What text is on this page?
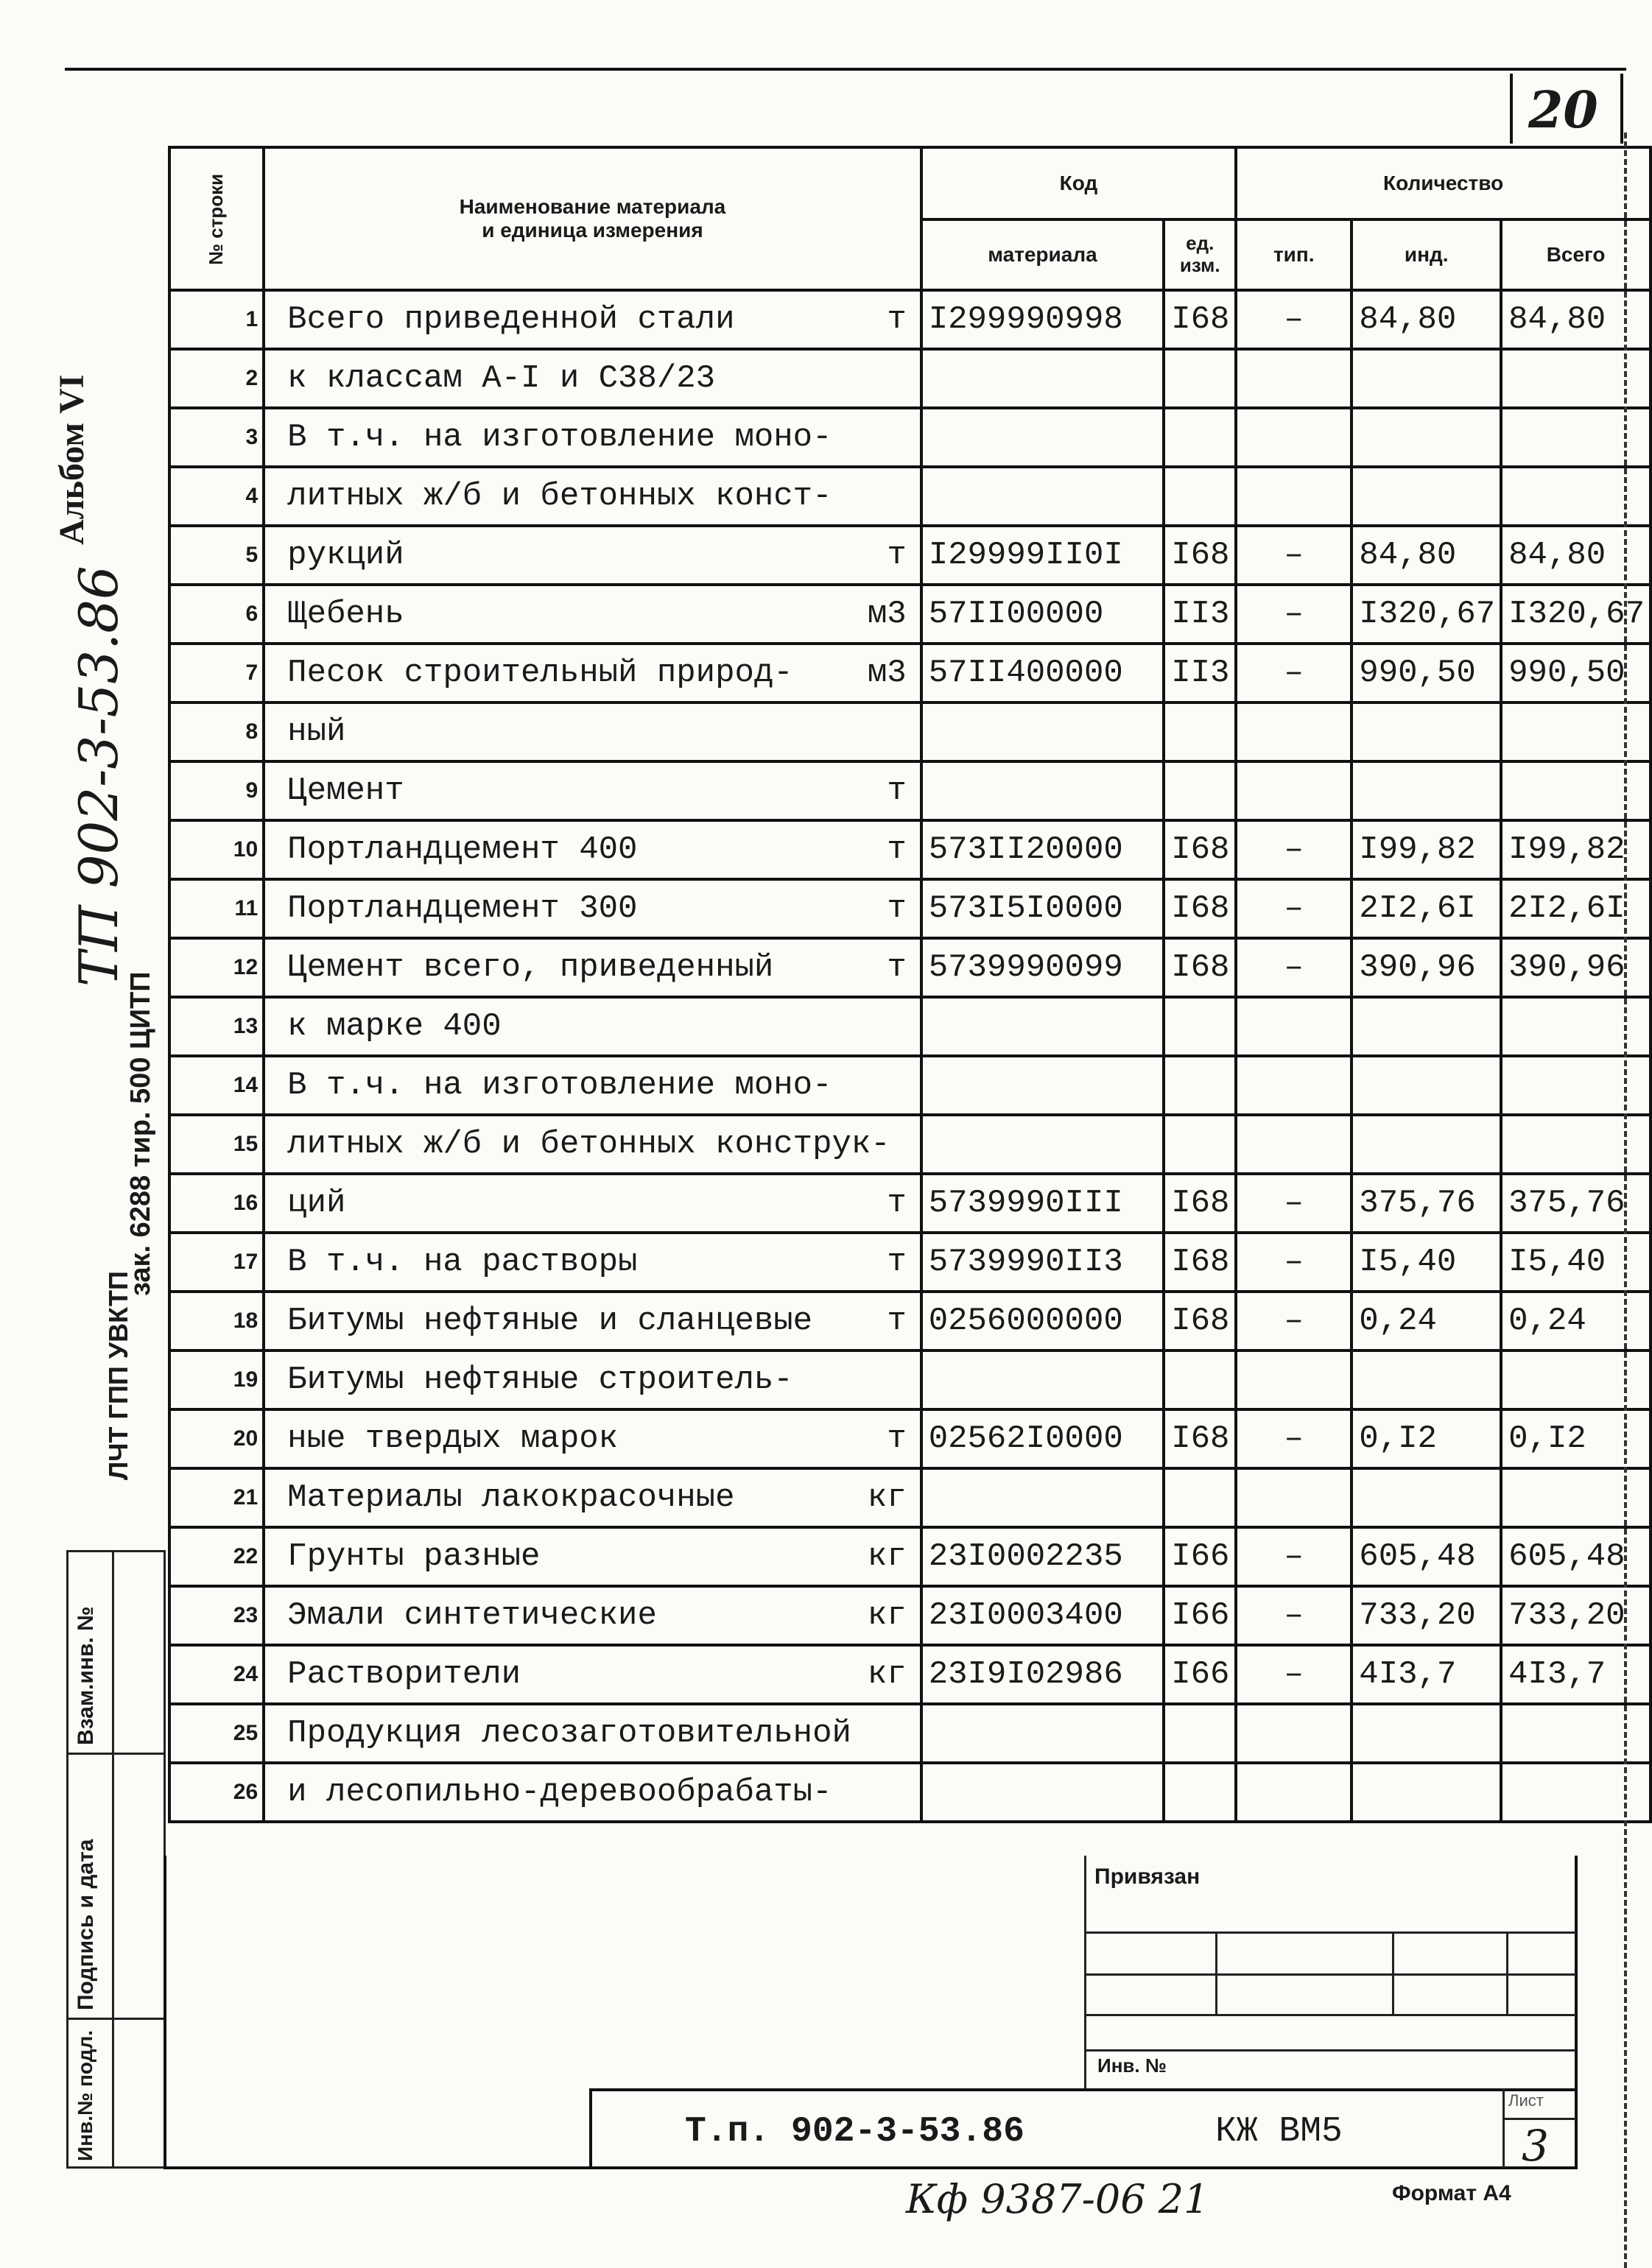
20
Альбом VI
ТП 902-3-53.86
зак. 6288 тир. 500 ЦИТП
ЛЧТ ГПП УВКТП
№ строки	Наименование материала
и единица измерения	Код		Количество		
		материала	ед. изм.	тип.	инд.	Всего
1	Всего приведенной стали т	I299990998	I68	–	84,80	84,80
2	к классам А-I и С38/23

3	В т.ч. на изготовление моно-

4	литных ж/б и бетонных конст-

5	рукций т	I29999II0I	I68	–	84,80	84,80
6	Щебень м3	57II00000	II3	–	I320,67	I320,67
7	Песок строительный природ- м3	57II400000	II3	–	990,50	990,50
8	ный

9	Цемент т					

10	Портландцемент 400 т	573II20000	I68	–	I99,82	I99,82
11	Портландцемент 300 т	573I5I0000	I68	–	2I2,6I	2I2,6I
12	Цемент всего, приведенный т	5739990099	I68	–	390,96	390,96
13	к марке 400

14	В т.ч. на изготовление моно-

15	литных ж/б и бетонных конструк-

16	ций т	5739990III	I68	–	375,76	375,76
17	В т.ч. на растворы т	5739990II3	I68	–	I5,40	I5,40
18	Битумы нефтяные и сланцевые т	0256000000	I68	–	0,24	0,24
19	Битумы нефтяные строитель-

20	ные твердых марок т	02562I0000	I68	–	0,I2	0,I2
21	Материалы лакокрасочные кг					

22	Грунты разные кг	23I0002235	I66	–	605,48	605,48
23	Эмали синтетические кг	23I0003400	I66	–	733,20	733,20
24	Растворители кг	23I9I02986	I66	–	4I3,7	4I3,7
25	Продукция лесозаготовительной

26	и лесопильно-деревообрабаты-

Взам.инв. №
Подпись и дата
Инв.№ подл.
Привязан
Инв. №
Т.п. 902-3-53.86	КЖ ВМ5
Лист
3
Кф 9387-06 21	Формат А4
